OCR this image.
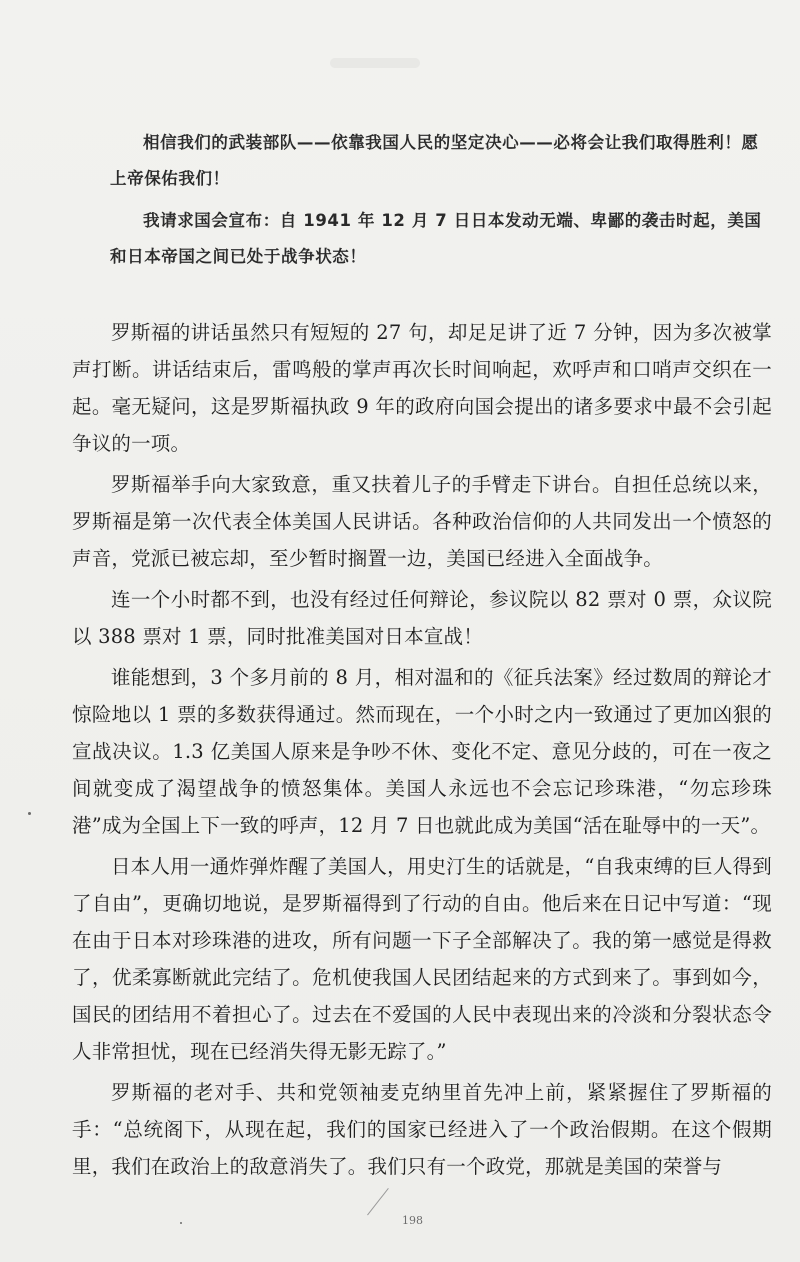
相信我们的武装部队——依靠我国人民的坚定决心——必将会让我们取得胜利！愿上帝保佑我们！

我请求国会宣布：自 1941 年 12 月 7 日日本发动无端、卑鄙的袭击时起，美国和日本帝国之间已处于战争状态！

罗斯福的讲话虽然只有短短的 27 句，却足足讲了近 7 分钟，因为多次被掌声打断。讲话结束后，雷鸣般的掌声再次长时间响起，欢呼声和口哨声交织在一起。毫无疑问，这是罗斯福执政 9 年的政府向国会提出的诸多要求中最不会引起争议的一项。

罗斯福举手向大家致意，重又扶着儿子的手臂走下讲台。自担任总统以来，罗斯福是第一次代表全体美国人民讲话。各种政治信仰的人共同发出一个愤怒的声音，党派已被忘却，至少暂时搁置一边，美国已经进入全面战争。

连一个小时都不到，也没有经过任何辩论，参议院以 82 票对 0 票，众议院以 388 票对 1 票，同时批准美国对日本宣战！

谁能想到，3 个多月前的 8 月，相对温和的《征兵法案》经过数周的辩论才惊险地以 1 票的多数获得通过。然而现在，一个小时之内一致通过了更加凶狠的宣战决议。1.3 亿美国人原来是争吵不休、变化不定、意见分歧的，可在一夜之间就变成了渴望战争的愤怒集体。美国人永远也不会忘记珍珠港，“勿忘珍珠港”成为全国上下一致的呼声，12 月 7 日也就此成为美国“活在耻辱中的一天”。

日本人用一通炸弹炸醒了美国人，用史汀生的话就是，“自我束缚的巨人得到了自由”，更确切地说，是罗斯福得到了行动的自由。他后来在日记中写道：“现在由于日本对珍珠港的进攻，所有问题一下子全部解决了。我的第一感觉是得救了，优柔寡断就此完结了。危机使我国人民团结起来的方式到来了。事到如今，国民的团结用不着担心了。过去在不爱国的人民中表现出来的冷淡和分裂状态令人非常担忧，现在已经消失得无影无踪了。”

罗斯福的老对手、共和党领袖麦克纳里首先冲上前，紧紧握住了罗斯福的手：“总统阁下，从现在起，我们的国家已经进入了一个政治假期。在这个假期里，我们在政治上的敌意消失了。我们只有一个政党，那就是美国的荣誉与

198
